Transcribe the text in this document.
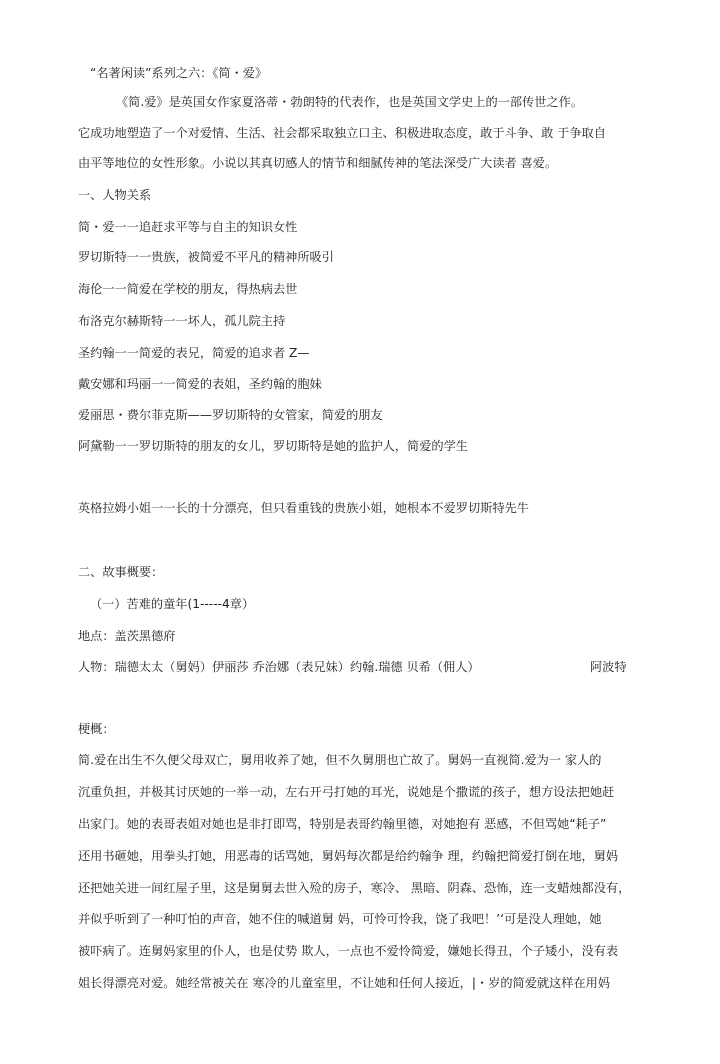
“名著闲读”系列之六：《简・爱》
《简.爱》是英国女作家夏洛蒂・勃朗特的代表作，也是英国文学史上的一部传世之作。
它成功地塑造了一个对爱情、生活、社会都采取独立口主、积极进取态度，敢于斗争、敢 于争取自
由平等地位的女性形象。小说以其真切感人的情节和细腻传神的笔法深受广大读者 喜爱。
一、人物关系
简・爱一一追赶求平等与自主的知识女性
罗切斯特一一贵族，被简爱不平凡的精神所吸引
海伦一一简爱在学校的朋友，得热病去世
布洛克尔赫斯特一一坏人，孤儿院主持
圣约翰一一简爱的表兄，简爱的追求者 Z—
戴安娜和玛丽一一简爱的表姐，圣约翰的胞妹
爱丽思・费尔菲克斯——罗切斯特的女管家，简爱的朋友
阿黛勒一一罗切斯特的朋友的女儿，罗切斯特是她的监护人，简爱的学生
英格拉姆小姐一一长的十分漂亮，但只看重钱的贵族小姐，她根本不爱罗切斯特先牛
二、故事概要：
（一）苦难的童年(1-----4章）
地点：盖茨黑德府
人物：瑞德太太（舅妈）伊丽莎 乔治娜（表兄妹）约翰.瑞德 贝希（佣人）	阿波特
梗概：
简.爱在出生不久便父母双亡，舅用收养了她，但不久舅朋也亡故了。舅妈一直视简.爱为一 家人的
沉重负担，并极其讨厌她的一举一动，左右开弓打她的耳光，说她是个撒谎的孩子，想方设法把她赶
出家门。她的表哥表姐对她也是非打即骂，特别是表哥约翰里德，对她抱有 恶感，不但骂她“耗子”
还用书砸她，用拳头打她，用恶毒的话骂她，舅妈每次都是给约翰争 理，约翰把简爱打倒在地，舅妈
还把她关进一间红屋子里，这是舅舅去世入殓的房子，寒冷、 黑暗、阴森、恐怖，连一支蜡烛都没有，
并似乎听到了一种叮怕的声音，她不住的喊道舅 妈，可怜可怜我，饶了我吧！’‘可是没人理她，她
被吓病了。连舅妈家里的仆人，也是仗势 欺人，一点也不爱怜简爱，嫌她长得丑，个子矮小，没有表
姐长得漂亮对爱。她经常被关在 寒冷的儿童室里，不让她和任何人接近，|・岁的简爱就这样在用妈
